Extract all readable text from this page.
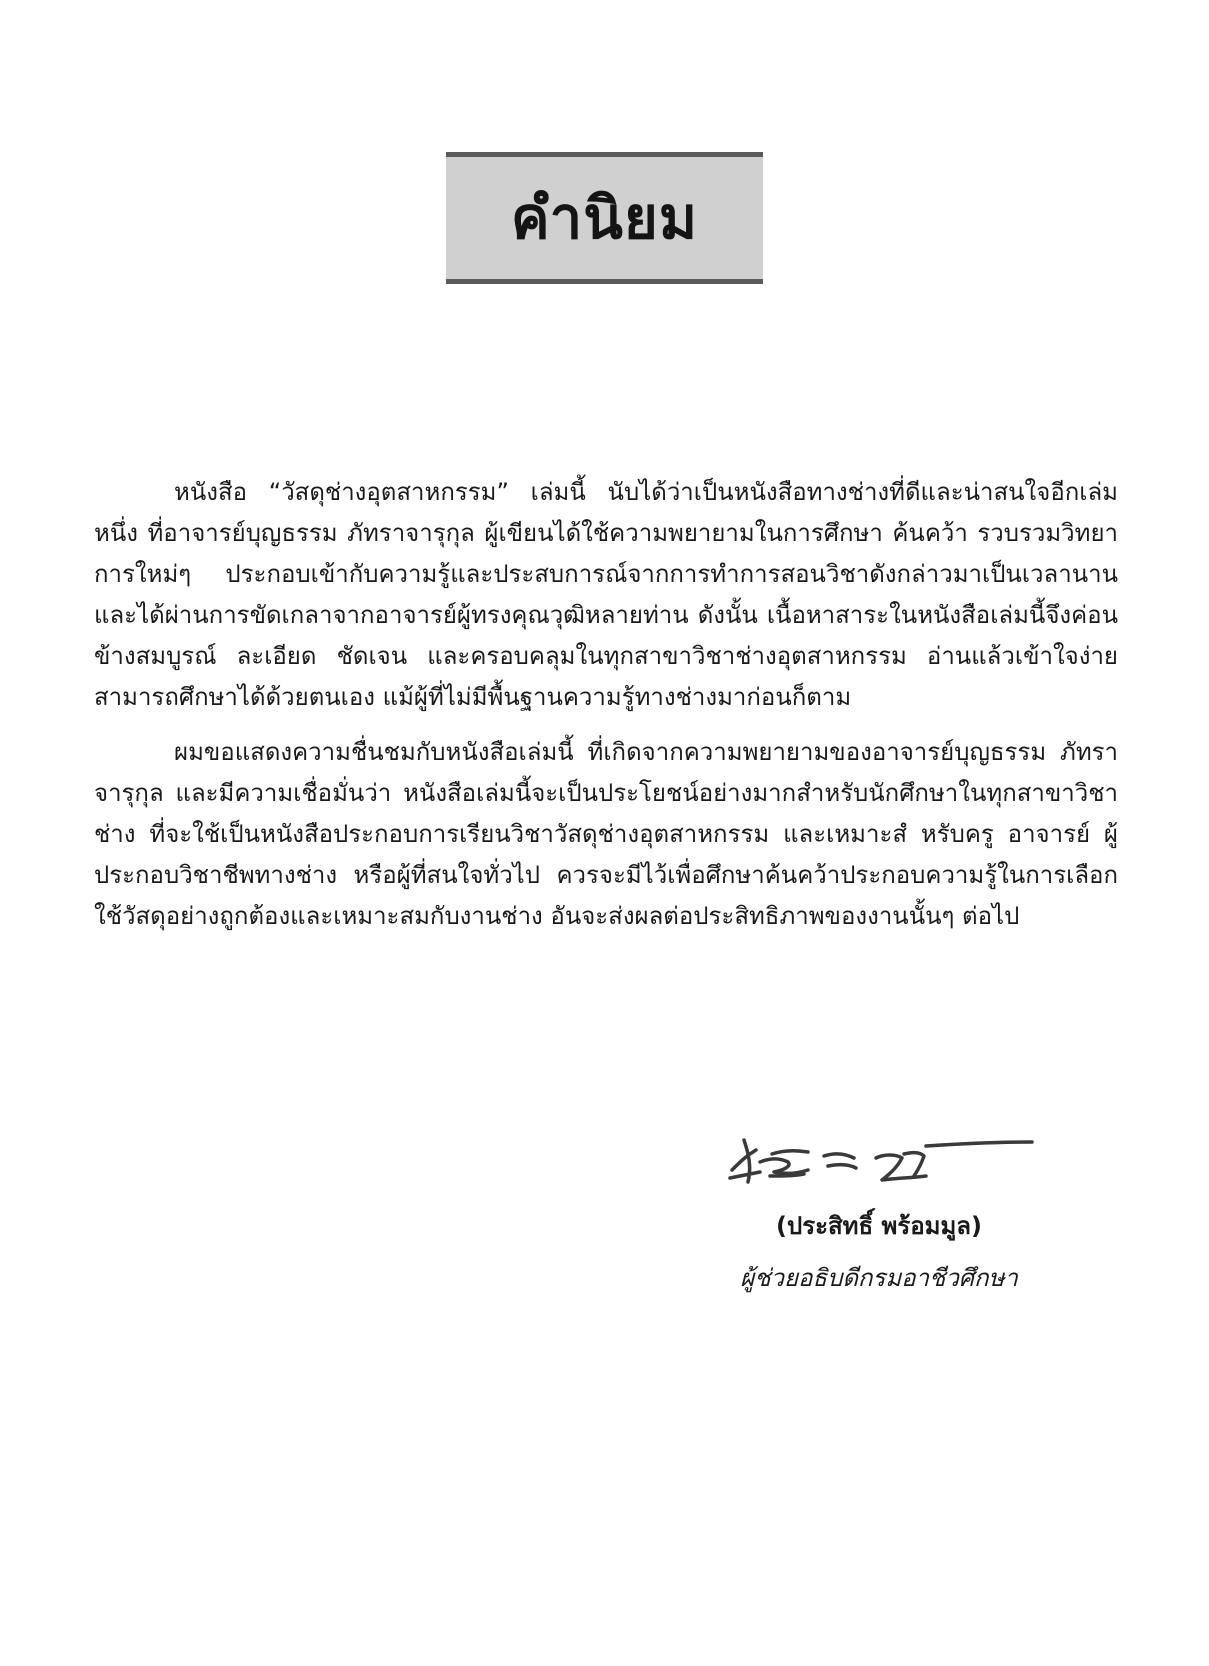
คำนิยม

หนังสือ “วัสดุช่างอุตสาหกรรม” เล่มนี้ นับได้ว่าเป็นหนังสือทางช่างที่ดีและน่าสนใจอีกเล่มหนึ่ง ที่อาจารย์บุญธรรม ภัทราจารุกุล ผู้เขียนได้ใช้ความพยายามในการศึกษา ค้นคว้า รวบรวมวิทยาการใหม่ๆ ประกอบเข้ากับความรู้และประสบการณ์จากการทำการสอนวิชาดังกล่าวมาเป็นเวลานาน และได้ผ่านการขัดเกลาจากอาจารย์ผู้ทรงคุณวุฒิหลายท่าน ดังนั้น เนื้อหาสาระในหนังสือเล่มนี้จึงค่อนข้างสมบูรณ์ ละเอียด ชัดเจน และครอบคลุมในทุกสาขาวิชาช่างอุตสาหกรรม อ่านแล้วเข้าใจง่าย สามารถศึกษาได้ด้วยตนเอง แม้ผู้ที่ไม่มีพื้นฐานความรู้ทางช่างมาก่อนก็ตาม

ผมขอแสดงความชื่นชมกับหนังสือเล่มนี้ ที่เกิดจากความพยายามของอาจารย์บุญธรรม ภัทราจารุกุล และมีความเชื่อมั่นว่า หนังสือเล่มนี้จะเป็นประโยชน์อย่างมากสำหรับนักศึกษาในทุกสาขาวิชาช่าง ที่จะใช้เป็นหนังสือประกอบการเรียนวิชาวัสดุช่างอุตสาหกรรม และเหมาะสํ หรับครู อาจารย์ ผู้ประกอบวิชาชีพทางช่าง หรือผู้ที่สนใจทั่วไป ควรจะมีไว้เพื่อศึกษาค้นคว้าประกอบความรู้ในการเลือกใช้วัสดุอย่างถูกต้องและเหมาะสมกับงานช่าง อันจะส่งผลต่อประสิทธิภาพของงานนั้นๆ ต่อไป

(ประสิทธิ์ พร้อมมูล)
ผู้ช่วยอธิบดีกรมอาชีวศึกษา
